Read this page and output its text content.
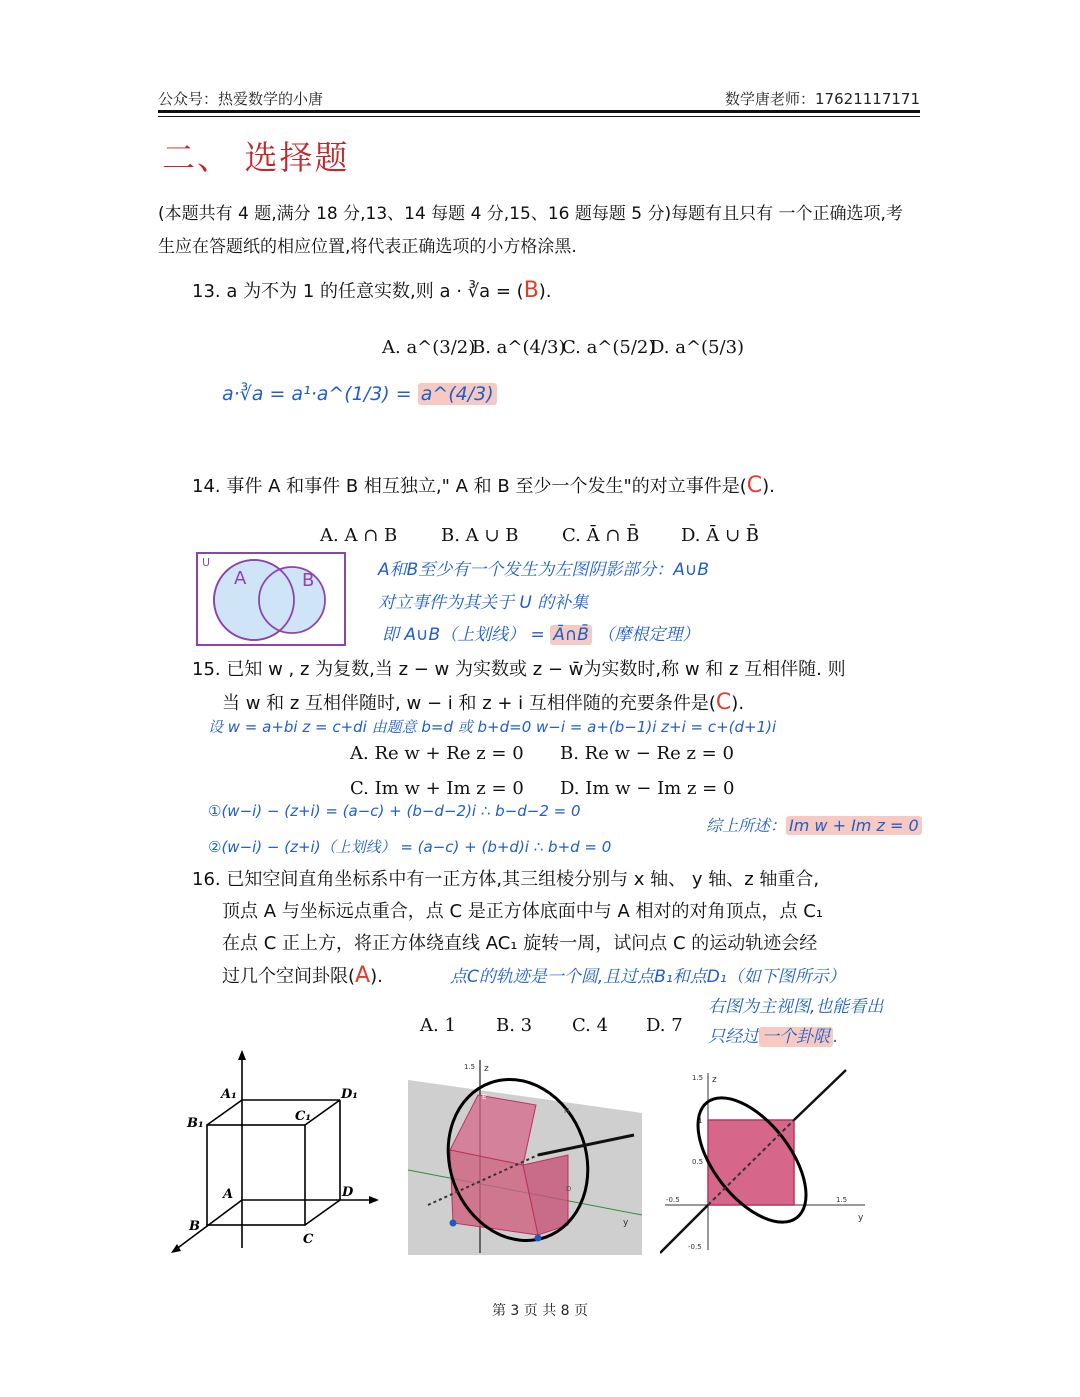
公众号：热爱数学的小唐	数学唐老师：17621117171
二、 选择题
(本题共有 4 题,满分 18 分,13、14 每题 4 分,15、16 题每题 5 分)每题有且只有 一个正确选项,考生应在答题纸的相应位置,将代表正确选项的小方格涂黑.
13. a 为不为 1 的任意实数,则 a · ∛a = (B).
A. a^(3/2)
B. a^(4/3)
C. a^(5/2)
D. a^(5/3)
a·∛a = a¹·a^(1/3) = a^(4/3)
14. 事件 A 和事件 B 相互独立," A 和 B 至少一个发生"的对立事件是(C).
A. A ∩ B B. A ∪ B C. Ā ∩ B̄ D. Ā ∪ B̄
U
A	B	A和B至少有一个发生为左图阴影部分：A∪B
对立事件为其关于 U 的补集
即 A∪B（上划线） = Ā∩B̄ （摩根定理）
15. 已知 w , z 为复数,当 z − w 为实数或 z − w̄为实数时,称 w 和 z 互相伴随. 则
当 w 和 z 互相伴随时, w − i 和 z + i 互相伴随的充要条件是(C).
设 w = a+bi z = c+di 由题意 b=d 或 b+d=0 w−i = a+(b−1)i z+i = c+(d+1)i
A. Re w + Re z = 0 B. Re w − Re z = 0
C. Im w + Im z = 0 D. Im w − Im z = 0
①(w−i) − (z+i) = (a−c) + (b−d−2)i ∴ b−d−2 = 0
②(w−i) − (z+i)（上划线） = (a−c) + (b+d)i ∴ b+d = 0
综上所述： Im w + Im z = 0
16. 已知空间直角坐标系中有一正方体,其三组棱分别与 x 轴、 y 轴、z 轴重合,
顶点 A 与坐标远点重合，点 C 是正方体底面中与 A 相对的对角顶点，点 C₁
在点 C 正上方，将正方体绕直线 AC₁ 旋转一周，试问点 C 的运动轨迹会经
过几个空间卦限(A).	点C的轨迹是一个圆,且过点B₁和点D₁（如下图所示）
右图为主视图,也能看出
只经过 一个卦限 .
A. 1 B. 3 C. 4 D. 7
A₁	D₁
B₁	C₁
A	D
B
C
z
1.5
y
E
H
D
z
y
1.5
1
0.5
-0.5
-0.5	1.5
E
D
第 3 页 共 8 页
